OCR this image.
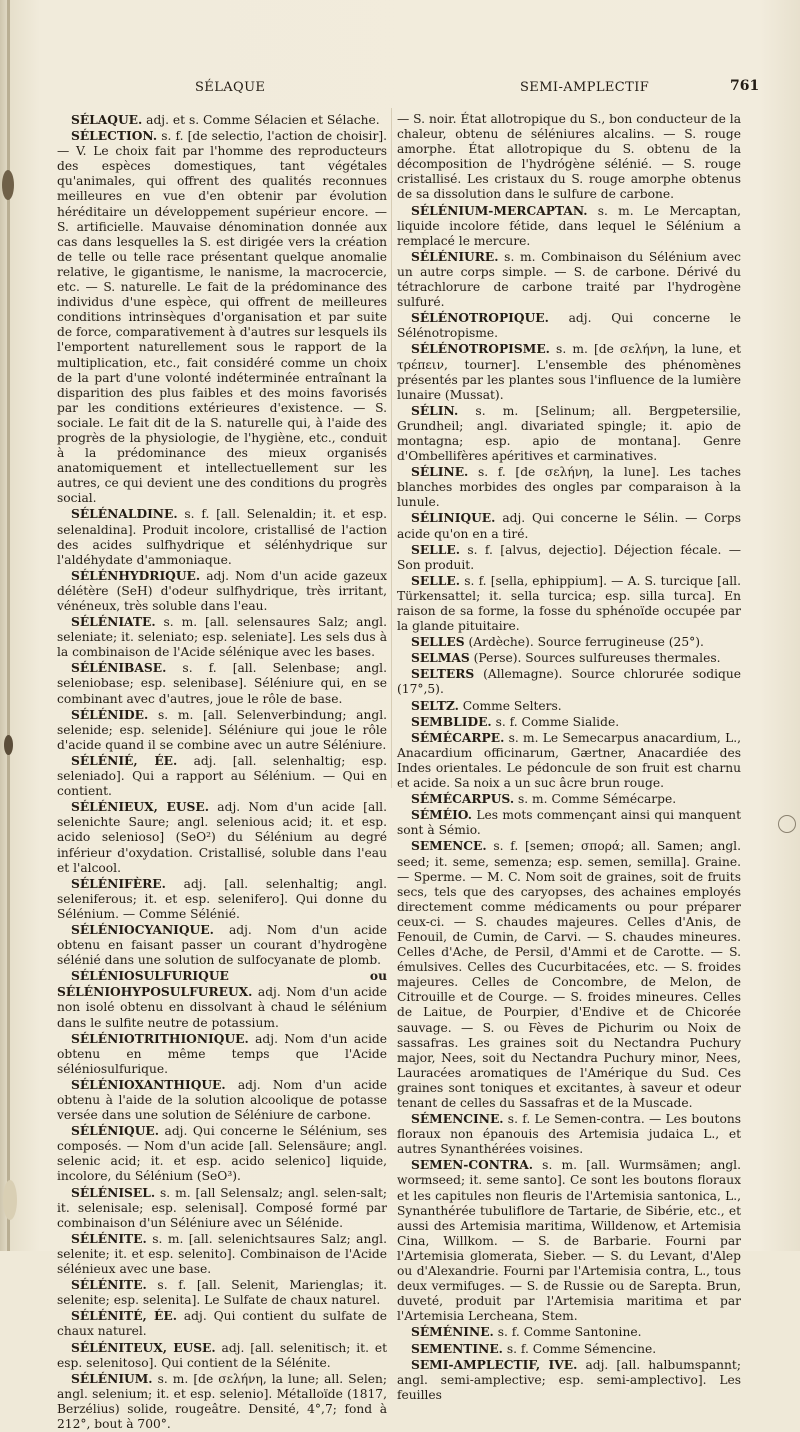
SÉLAQUE	SEMI-AMPLECTIF	761

SÉLAQUE. adj. et s. Comme Sélacien et Sélache.

SÉLECTION. s. f. [de selectio, l'action de choisir]. — V. Le choix fait par l'homme des reproducteurs des espèces domestiques, tant végétales qu'animales, qui offrent des qualités reconnues meilleures en vue d'en obtenir par évolution héréditaire un développement supérieur encore. — S. artificielle. Mauvaise dénomination donnée aux cas dans lesquelles la S. est dirigée vers la création de telle ou telle race présentant quelque anomalie relative, le gigantisme, le nanisme, la macrocercie, etc. — S. naturelle. Le fait de la prédominance des individus d'une espèce, qui offrent de meilleures conditions intrinsèques d'organisation et par suite de force, comparativement à d'autres sur lesquels ils l'emportent naturellement sous le rapport de la multiplication, etc., fait considéré comme un choix de la part d'une volonté indéterminée entraînant la disparition des plus faibles et des moins favorisés par les conditions extérieures d'existence. — S. sociale. Le fait dit de la S. naturelle qui, à l'aide des progrès de la physiologie, de l'hygiène, etc., conduit à la prédominance des mieux organisés anatomiquement et intellectuellement sur les autres, ce qui devient une des conditions du progrès social.

SÉLÉNALDINE. s. f. [all. Selenaldin; it. et esp. selenaldina]. Produit incolore, cristallisé de l'action des acides sulfhydrique et sélénhydrique sur l'aldéhydate d'ammoniaque.

SÉLÉNHYDRIQUE. adj. Nom d'un acide gazeux délétère (SeH) d'odeur sulfhydrique, très irritant, vénéneux, très soluble dans l'eau.

SÉLÉNIATE. s. m. [all. selensaures Salz; angl. seleniate; it. seleniato; esp. seleniate]. Les sels dus à la combinaison de l'Acide sélénique avec les bases.

SÉLÉNIBASE. s. f. [all. Selenbase; angl. seleniobase; esp. selenibase]. Séléniure qui, en se combinant avec d'autres, joue le rôle de base.

SÉLÉNIDE. s. m. [all. Selenverbindung; angl. selenide; esp. selenide]. Séléniure qui joue le rôle d'acide quand il se combine avec un autre Séléniure.

SÉLÉNIÉ, ÉE. adj. [all. selenhaltig; esp. seleniado]. Qui a rapport au Sélénium. — Qui en contient.

SÉLÉNIEUX, EUSE. adj. Nom d'un acide [all. selenichte Saure; angl. selenious acid; it. et esp. acido selenioso] (SeO²) du Sélénium au degré inférieur d'oxydation. Cristallisé, soluble dans l'eau et l'alcool.

SÉLÉNIFÈRE. adj. [all. selenhaltig; angl. seleniferous; it. et esp. selenifero]. Qui donne du Sélénium. — Comme Sélénié.

SÉLÉNIOCYANIQUE. adj. Nom d'un acide obtenu en faisant passer un courant d'hydrogène sélénié dans une solution de sulfocyanate de plomb.

SÉLÉNIOSULFURIQUE ou SÉLÉNIOHYPOSULFUREUX. adj. Nom d'un acide non isolé obtenu en dissolvant à chaud le sélénium dans le sulfite neutre de potassium.

SÉLÉNIOTRITHIONIQUE. adj. Nom d'un acide obtenu en même temps que l'Acide séléniosulfurique.

SÉLÉNIOXANTHIQUE. adj. Nom d'un acide obtenu à l'aide de la solution alcoolique de potasse versée dans une solution de Séléniure de carbone.

SÉLÉNIQUE. adj. Qui concerne le Sélénium, ses composés. — Nom d'un acide [all. Selensäure; angl. selenic acid; it. et esp. acido selenico] liquide, incolore, du Sélénium (SeO³).

SÉLÉNISEL. s. m. [all Selensalz; angl. selen-salt; it. selenisale; esp. selenisal]. Composé formé par combinaison d'un Séléniure avec un Sélénide.

SÉLÉNITE. s. m. [all. selenichtsaures Salz; angl. selenite; it. et esp. selenito]. Combinaison de l'Acide sélénieux avec une base.

SÉLÉNITE. s. f. [all. Selenit, Marienglas; it. selenite; esp. selenita]. Le Sulfate de chaux naturel.

SÉLÉNITÉ, ÉE. adj. Qui contient du sulfate de chaux naturel.

SÉLÉNITEUX, EUSE. adj. [all. selenitisch; it. et esp. selenitoso]. Qui contient de la Sélénite.

SÉLÉNIUM. s. m. [de σελήνη, la lune; all. Selen; angl. selenium; it. et esp. selenio]. Métalloïde (1817, Berzélius) solide, rougeâtre. Densité, 4°,7; fond à 212°, bout à 700°.

— S. noir. État allotropique du S., bon conducteur de la chaleur, obtenu de séléniures alcalins. — S. rouge amorphe. État allotropique du S. obtenu de la décomposition de l'hydrógène sélénié. — S. rouge cristallisé. Les cristaux du S. rouge amorphe obtenus de sa dissolution dans le sulfure de carbone.

SÉLÉNIUM-MERCAPTAN. s. m. Le Mercaptan, liquide incolore fétide, dans lequel le Sélénium a remplacé le mercure.

SÉLÉNIURE. s. m. Combinaison du Sélénium avec un autre corps simple. — S. de carbone. Dérivé du tétrachlorure de carbone traité par l'hydrogène sulfuré.

SÉLÉNOTROPIQUE. adj. Qui concerne le Sélénotropisme.

SÉLÉNOTROPISME. s. m. [de σελήνη, la lune, et τρέπειν, tourner]. L'ensemble des phénomènes présentés par les plantes sous l'influence de la lumière lunaire (Mussat).

SÉLIN. s. m. [Selinum; all. Bergpetersilie, Grundheil; angl. divariated spingle; it. apio de montagna; esp. apio de montana]. Genre d'Ombellifères apéritives et carminatives.

SÉLINE. s. f. [de σελήνη, la lune]. Les taches blanches morbides des ongles par comparaison à la lunule.

SÉLINIQUE. adj. Qui concerne le Sélin. — Corps acide qu'on en a tiré.

SELLE. s. f. [alvus, dejectio]. Déjection fécale. — Son produit.

SELLE. s. f. [sella, ephippium]. — A. S. turcique [all. Türkensattel; it. sella turcica; esp. silla turca]. En raison de sa forme, la fosse du sphénoïde occupée par la glande pituitaire.

SELLES (Ardèche). Source ferrugineuse (25°).

SELMAS (Perse). Sources sulfureuses thermales.

SELTERS (Allemagne). Source chlorurée sodique (17°,5).

SELTZ. Comme Selters.

SEMBLIDE. s. f. Comme Sialide.

SÉMÉCARPE. s. m. Le Semecarpus anacardium, L., Anacardium officinarum, Gærtner, Anacardiée des Indes orientales. Le pédoncule de son fruit est charnu et acide. Sa noix a un suc âcre brun rouge.

SÉMÉCARPUS. s. m. Comme Sémécarpe.

SÉMÉIO. Les mots commençant ainsi qui manquent sont à Sémio.

SEMENCE. s. f. [semen; σπορά; all. Samen; angl. seed; it. seme, semenza; esp. semen, semilla]. Graine. — Sperme. — M. C. Nom soit de graines, soit de fruits secs, tels que des caryopses, des achaines employés directement comme médicaments ou pour préparer ceux-ci. — S. chaudes majeures. Celles d'Anis, de Fenouil, de Cumin, de Carvi. — S. chaudes mineures. Celles d'Ache, de Persil, d'Ammi et de Carotte. — S. émulsives. Celles des Cucurbitacées, etc. — S. froides majeures. Celles de Concombre, de Melon, de Citrouille et de Courge. — S. froides mineures. Celles de Laitue, de Pourpier, d'Endive et de Chicorée sauvage. — S. ou Fèves de Pichurim ou Noix de sassafras. Les graines soit du Nectandra Puchury major, Nees, soit du Nectandra Puchury minor, Nees, Lauracées aromatiques de l'Amérique du Sud. Ces graines sont toniques et excitantes, à saveur et odeur tenant de celles du Sassafras et de la Muscade.

SÉMENCINE. s. f. Le Semen-contra. — Les boutons floraux non épanouis des Artemisia judaica L., et autres Synanthérées voisines.

SEMEN-CONTRA. s. m. [all. Wurmsämen; angl. wormseed; it. seme santo]. Ce sont les boutons floraux et les capitules non fleuris de l'Artemisia santonica, L., Synanthérée tubuliflore de Tartarie, de Sibérie, etc., et aussi des Artemisia maritima, Willdenow, et Artemisia Cina, Willkom. — S. de Barbarie. Fourni par l'Artemisia glomerata, Sieber. — S. du Levant, d'Alep ou d'Alexandrie. Fourni par l'Artemisia contra, L., tous deux vermifuges. — S. de Russie ou de Sarepta. Brun, duveté, produit par l'Artemisia maritima et par l'Artemisia Lercheana, Stem.

SÉMÉNINE. s. f. Comme Santonine.

SEMENTINE. s. f. Comme Sémencine.

SEMI-AMPLECTIF, IVE. adj. [all. halbumspannt; angl. semi-amplective; esp. semi-amplectivo]. Les feuilles
